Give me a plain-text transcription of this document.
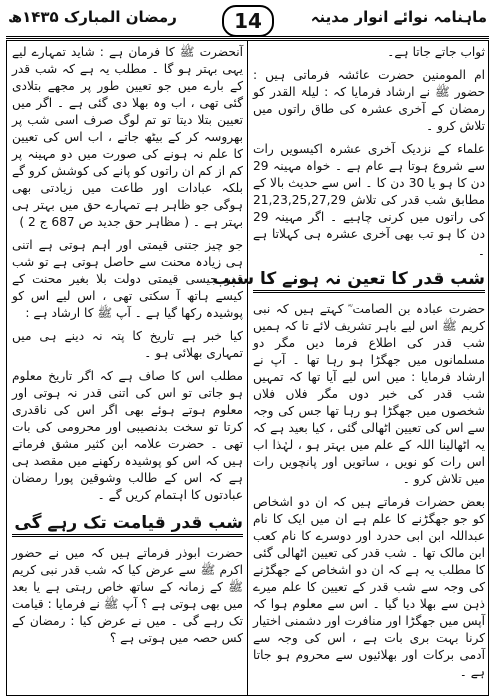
ماہنامہ نوائے انوار مدینہ
14
رمضان المبارک ۱۴۳۵ھ

ثواب جاتے جاتا ہے۔

ام المومنین حضرت عائشہ فرماتی ہیں : حضور ﷺ نے ارشاد فرمایا کہ : لیلۃ القدر کو رمضان کے آخری عشرہ کی طاق راتوں میں تلاش کرو ۔

علماء کے نزدیک آخری عشرہ اکیسویں رات سے شروع ہوتا ہے عام ہے ۔ خواہ مہینہ 29 دن کا ہو یا 30 دن کا ۔ اس سے حدیث بالا کے مطابق شب قدر کی تلاش 21,23,25,27,29 کی راتوں میں کرنی چاہیے ۔ اگر مہینہ 29 دن کا ہو تب بھی آخری عشرہ ہی کہلاتا ہے ۔

شب قدر کا تعین نہ ہونے کا سبب

حضرت عبادہ بن الصامت ؓ کہتے ہیں کہ نبی کریم ﷺ اس لیے باہر تشریف لائے تا کہ ہمیں شب قدر کی اطلاع فرما دیں مگر دو مسلمانوں میں جھگڑا ہو رہا تھا ۔ آپ نے ارشاد فرمایا : میں اس لیے آیا تھا کہ تمہیں شب قدر کی خبر دوں مگر فلاں فلاں شخصوں میں جھگڑا ہو رہا تھا جس کی وجہ سے اس کی تعیین اٹھالی گئی ، کیا بعید ہے کہ یہ اٹھالینا اللہ کے علم میں بہتر ہو ، لہٰذا اب اس رات کو نویں ، ساتویں اور پانچویں رات میں تلاش کرو ۔

بعض حضرات فرماتے ہیں کہ ان دو اشخاص کو جو جھگڑنے کا علم ہے ان میں ایک کا نام عبداللہ ابن ابی حدرد اور دوسرے کا نام کعب ابن مالک تھا ۔ شب قدر کی تعیین اٹھالی گئی کا مطلب یہ ہے کہ ان دو اشخاص کے جھگڑنے کی وجہ سے شب قدر کے تعیین کا علم میرے ذہن سے بھلا دیا گیا ۔ اس سے معلوم ہوا کہ آپس میں جھگڑا اور منافرت اور دشمنی اختیار کرنا بہت بری بات ہے ، اس کی وجہ سے آدمی برکات اور بھلائیوں سے محروم ہو جاتا ہے ۔

آنحضرت ﷺ کا فرمان ہے : شاید تمہارے لیے یہی بہتر ہو گا ۔ مطلب یہ ہے کہ شب قدر کے بارے میں جو تعیین طور پر مجھے بتلادی گئی تھی ، اب وہ بھلا دی گئی ہے ۔ اگر میں تعیین بتلا دیتا تو تم لوگ صرف اسی شب پر بھروسہ کر کے بیٹھ جاتے ، اب اس کی تعیین کا علم نہ ہونے کی صورت میں دو مہینہ پر کم از کم ان راتوں کو پانے کی کوشش کرو گے بلکہ عبادات اور طاعت میں زیادتی بھی ہوگی جو ظاہر ہے تمہارے حق میں بہتر ہی بہتر ہے ۔ ( مظاہر حق جدید ص 687 ج 2 )

جو چیز جتنی قیمتی اور اہم ہوتی ہے اتنی ہی زیادہ محنت سے حاصل ہوتی ہے تو شب قدر جیسی قیمتی دولت بلا بغیر محنت کے کیسے ہاتھ آ سکتی تھی ، اس لیے اس کو پوشیدہ رکھا گیا ہے ۔ آپ ﷺ کا ارشاد ہے :

کیا خبر ہے تاریخ کا پتہ نہ دینے ہی میں تمہاری بھلائی ہو ۔

مطلب اس کا صاف ہے کہ اگر تاریخ معلوم ہو جاتی تو اس کی اتنی قدر نہ ہوتی اور معلوم ہوتے ہوئے بھی اگر اس کی ناقدری کرتا تو سخت بدنصیبی اور محرومی کی بات تھی ۔ حضرت علامہ ابن کثیر مشق فرماتے ہیں کہ اس کو پوشیدہ رکھنے میں مقصد ہی ہے کہ اس کے طالب وشوقین پورا رمضان عبادتوں کا اہتمام کریں گے ۔

شب قدر قیامت تک رہے گی

حضرت ابوذر فرماتے ہیں کہ میں نے حضور اکرم ﷺ سے عرض کیا کہ شب قدر نبی کریم ﷺ کے زمانہ کے ساتھ خاص رہتی ہے یا بعد میں بھی ہوتی ہے ؟ آپ ﷺ نے فرمایا : قیامت تک رہے گی ۔ میں نے عرض کیا : رمضان کے کس حصہ میں ہوتی ہے ؟
